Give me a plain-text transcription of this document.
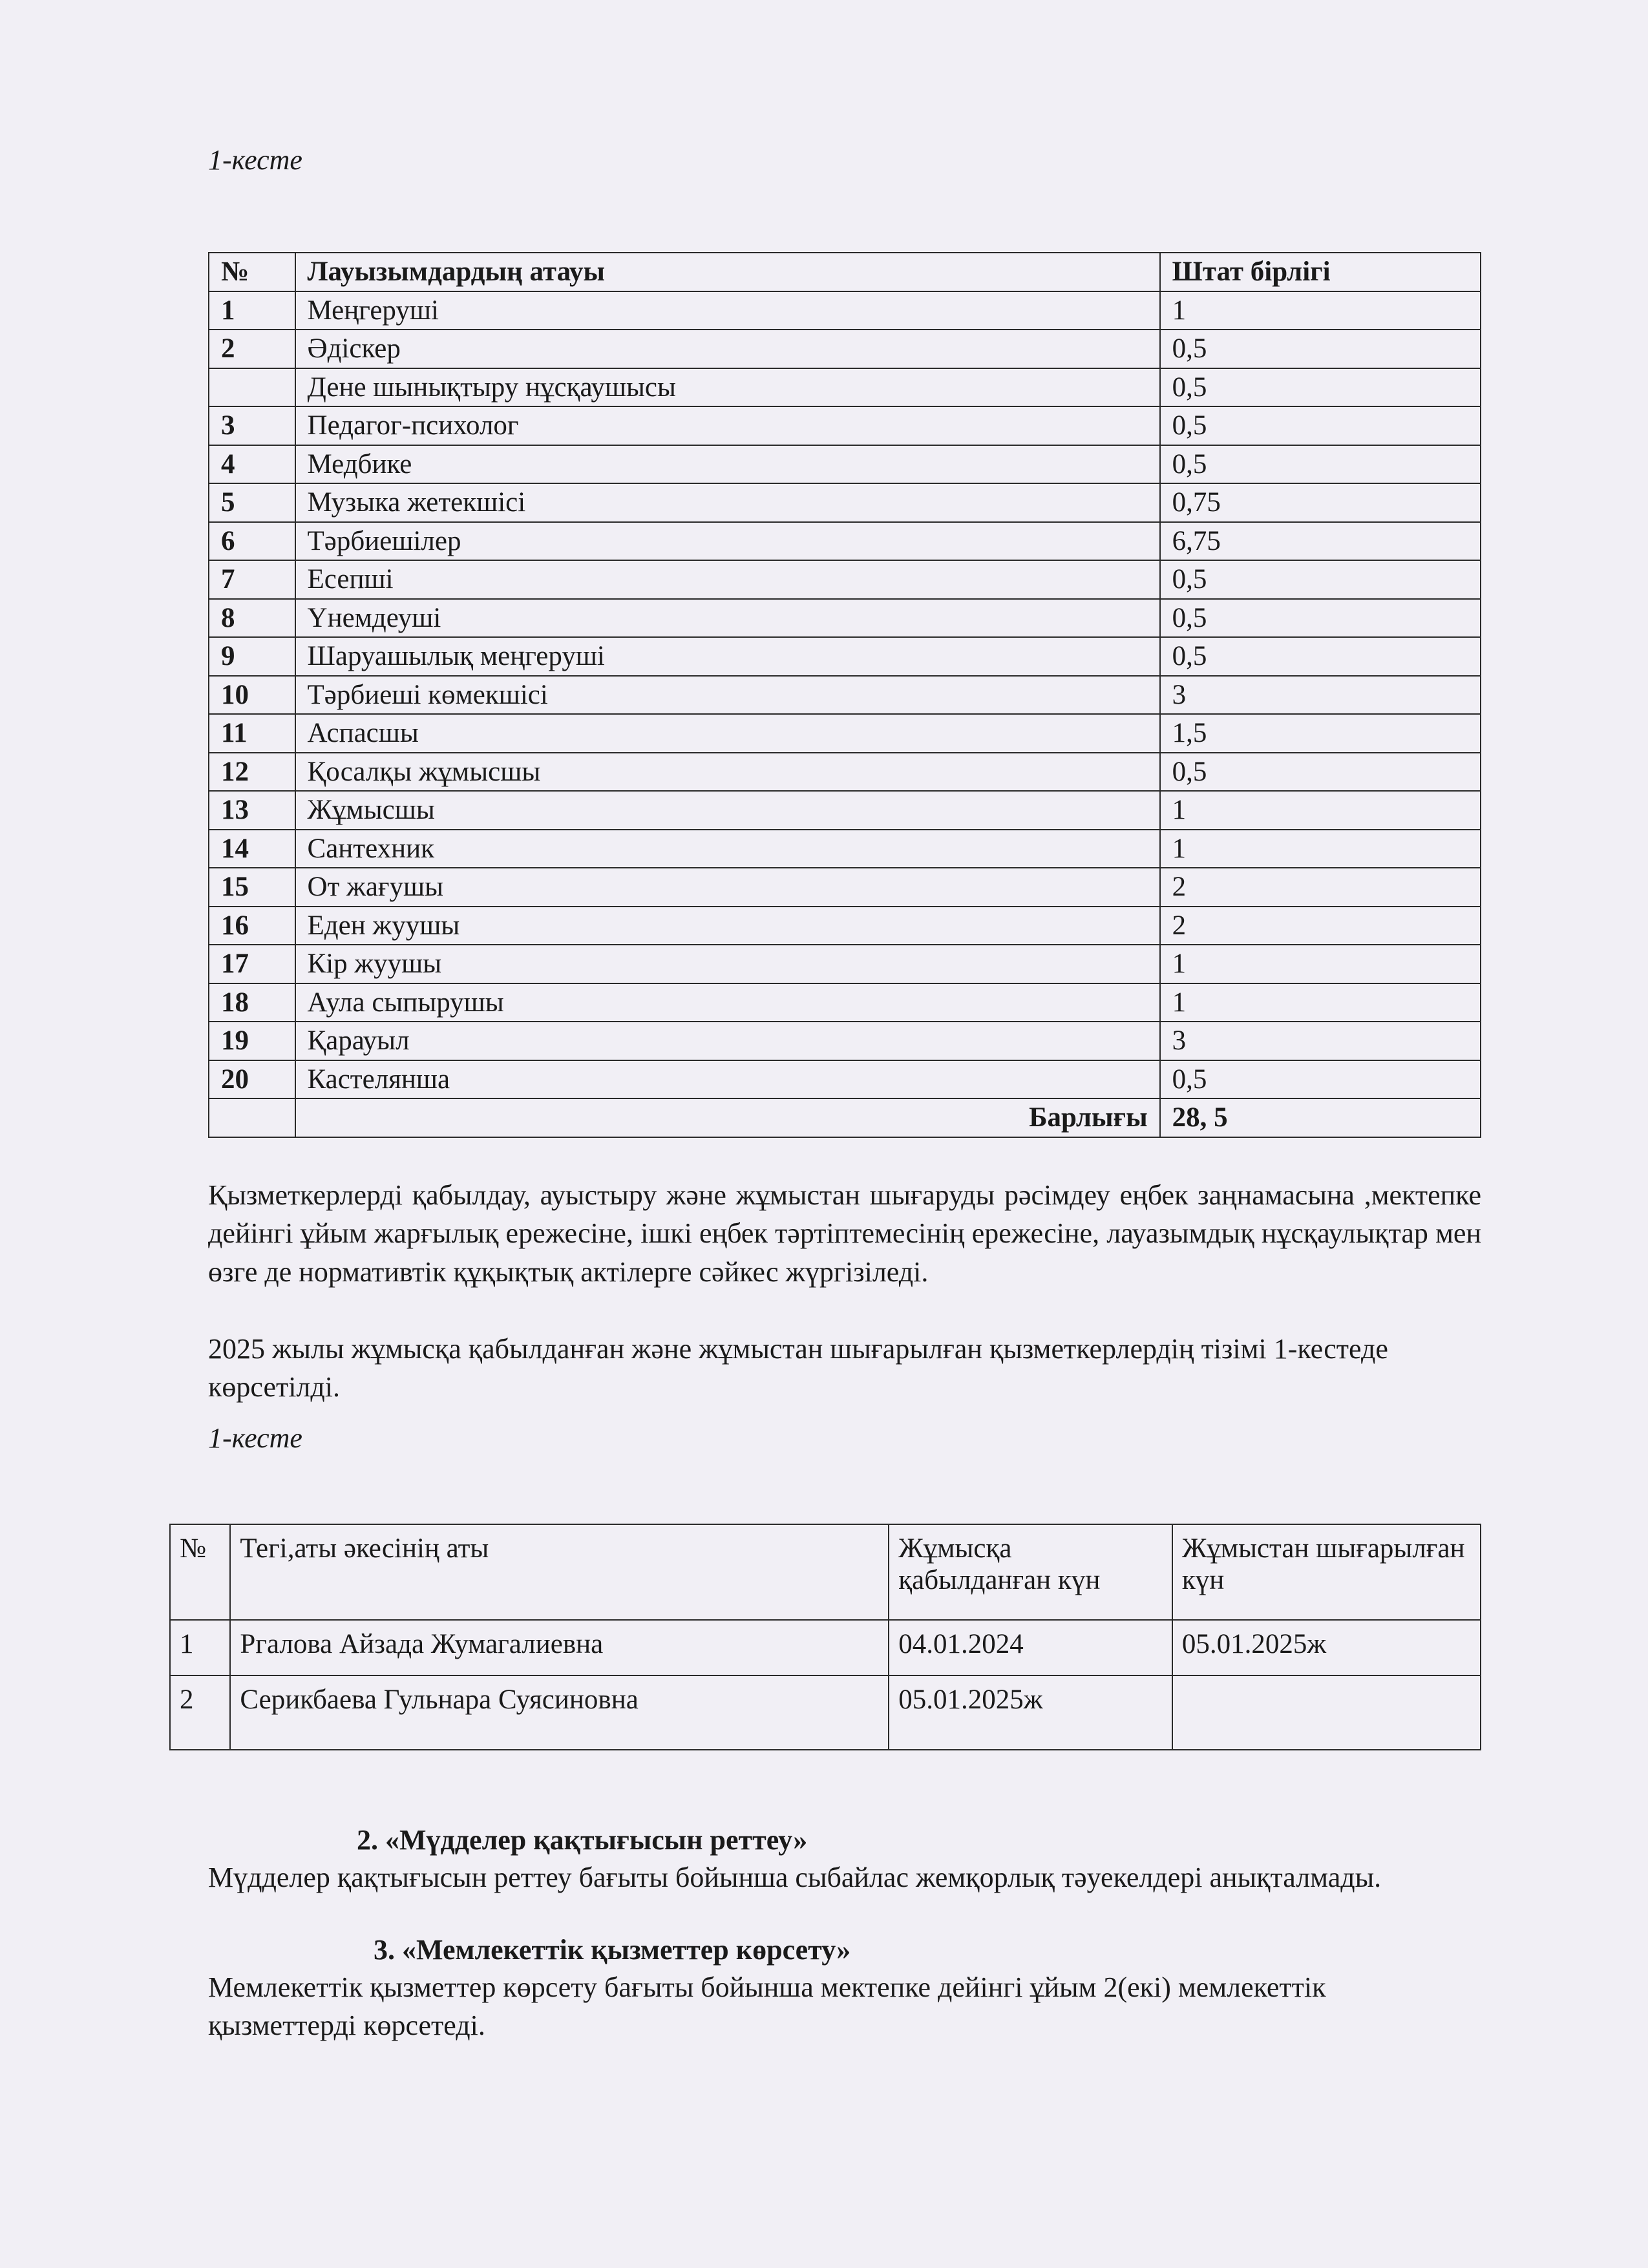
1-кесте
№	Лауызымдардың атауы	Штат бірлігі
1	Меңгеруші	1
2	Әдіскер	0,5
	Дене шынықтыру нұсқаушысы	0,5
3	Педагог-психолог	0,5
4	Медбике	0,5
5	Музыка жетекшісі	0,75
6	Тәрбиешілер	6,75
7	Есепші	0,5
8	Үнемдеуші	0,5
9	Шаруашылық меңгеруші	0,5
10	Тәрбиеші көмекшісі	3
11	Аспасшы	1,5
12	Қосалқы жұмысшы	0,5
13	Жұмысшы	1
14	Сантехник	1
15	От жағушы	2
16	Еден жуушы	2
17	Кір жуушы	1
18	Аула сыпырушы	1
19	Қарауыл	3
20	Кастелянша	0,5
	Барлығы	28, 5
Қызметкерлерді қабылдау, ауыстыру және жұмыстан шығаруды рәсімдеу еңбек заңнамасына ,мектепке дейінгі ұйым жарғылық ережесіне, ішкі еңбек тәртіптемесінің ережесіне, лауазымдық нұсқаулықтар мен өзге де нормативтік құқықтық актілерге сәйкес жүргізіледі.
2025 жылы жұмысқа қабылданған және жұмыстан шығарылған қызметкерлердің тізімі 1-кестеде көрсетілді.
1-кесте
№	Тегі,аты әкесінің аты	Жұмысқа қабылданған күн	Жұмыстан шығарылған күн
1	Ргалова Айзада Жумагалиевна	04.01.2024	05.01.2025ж
2	Серикбаева Гульнара Суясиновна	05.01.2025ж	
2. «Мүдделер қақтығысын реттеу»
Мүдделер қақтығысын реттеу бағыты бойынша сыбайлас жемқорлық тәуекелдері анықталмады.
3. «Мемлекеттік қызметтер көрсету»
Мемлекеттік қызметтер көрсету бағыты бойынша мектепке дейінгі ұйым 2(екі) мемлекеттік қызметтерді көрсетеді.
